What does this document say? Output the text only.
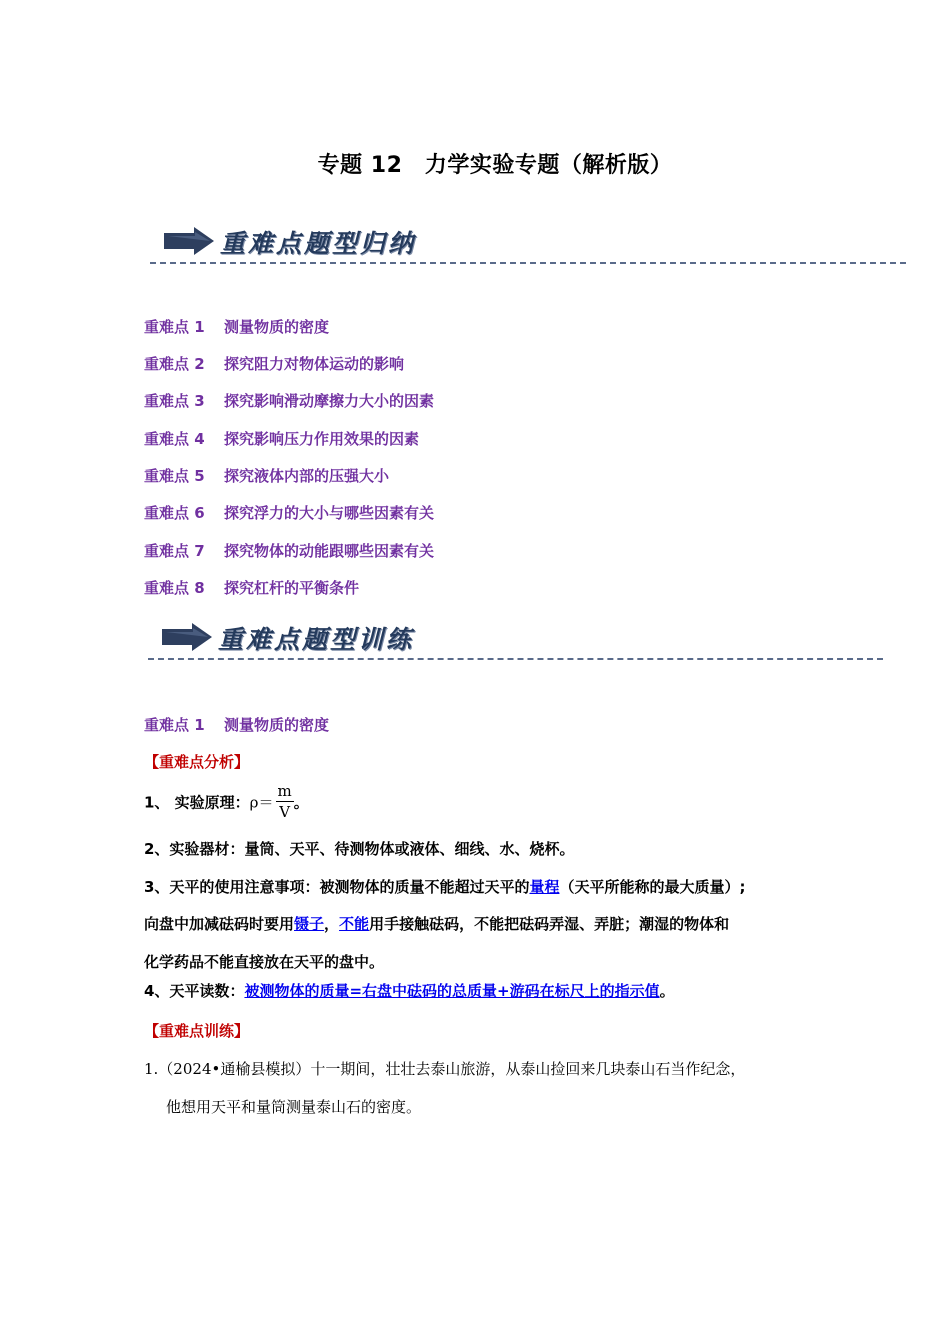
专题 12　力学实验专题（解析版）
重难点题型归纳
重难点 1 测量物质的密度
重难点 2 探究阻力对物体运动的影响
重难点 3 探究影响滑动摩擦力大小的因素
重难点 4 探究影响压力作用效果的因素
重难点 5 探究液体内部的压强大小
重难点 6 探究浮力的大小与哪些因素有关
重难点 7 探究物体的动能跟哪些因素有关
重难点 8 探究杠杆的平衡条件
重难点题型训练
重难点 1 测量物质的密度
【重难点分析】
1、 实验原理：$\rho= \frac{m}{V}$ 。
2、实验器材：量筒、天平、待测物体或液体、细线、水、烧杯。
3、天平的使用注意事项：被测物体的质量不能超过天平的量程（天平所能称的最大质量）;
向盘中加减砝码时要用镊子，不能用手接触砝码，不能把砝码弄湿、弄脏；潮湿的物体和
化学药品不能直接放在天平的盘中。
4、天平读数：被测物体的质量=右盘中砝码的总质量+游码在标尺上的指示值。
【重难点训练】
1.（2024•通榆县模拟）十一期间，壮壮去泰山旅游，从泰山捡回来几块泰山石当作纪念，
他想用天平和量筒测量泰山石的密度。
